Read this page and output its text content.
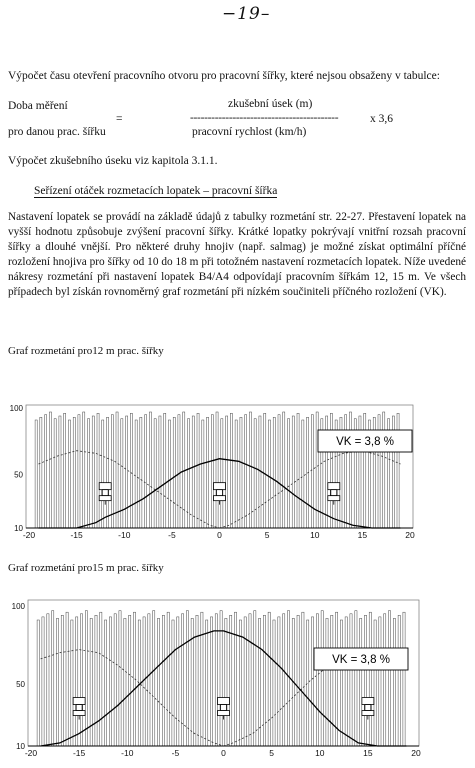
−19–
Výpočet času otevření pracovního otvoru pro pracovní šířky, které nejsou obsaženy v tabulce:
Doba měření
=
pro danou prac. šířku
zkušební úsek (m)
------------------------------------------
pracovní rychlost (km/h)
x 3,6
Výpočet zkušebního úseku viz kapitola 3.1.1.
Seřízení otáček rozmetacích lopatek – pracovní šířka
Nastavení lopatek se provádí na základě údajů z tabulky rozmetání str. 22-27. Přestavení lopatek na vyšší hodnotu způsobuje zvýšení pracovní šířky. Krátké lopatky pokrývají vnitřní rozsah pracovní šířky a dlouhé vnější. Pro některé druhy hnojiv (např. salmag) je možné získat optimální příčné rozložení hnojiva pro šířky od 10 do 18 m při totožném nastavení rozmetacích lopatek. Níže uvedené nákresy rozmetání při nastavení lopatek B4/A4 odpovídají pracovním šířkám 12, 15 m. Ve všech případech byl získán rovnoměrný graf rozmetání při nízkém součiniteli příčného rozložení (VK).
Graf rozmetání pro12 m prac. šířky
10
50
100
-20	-15	-10	-5	0	5	10	15	20
VK = 3,8 %
Graf rozmetání pro15 m prac. šířky
10
50
100
-20	-15	-10	-5	0	5	10	15	20
VK = 3,8 %
